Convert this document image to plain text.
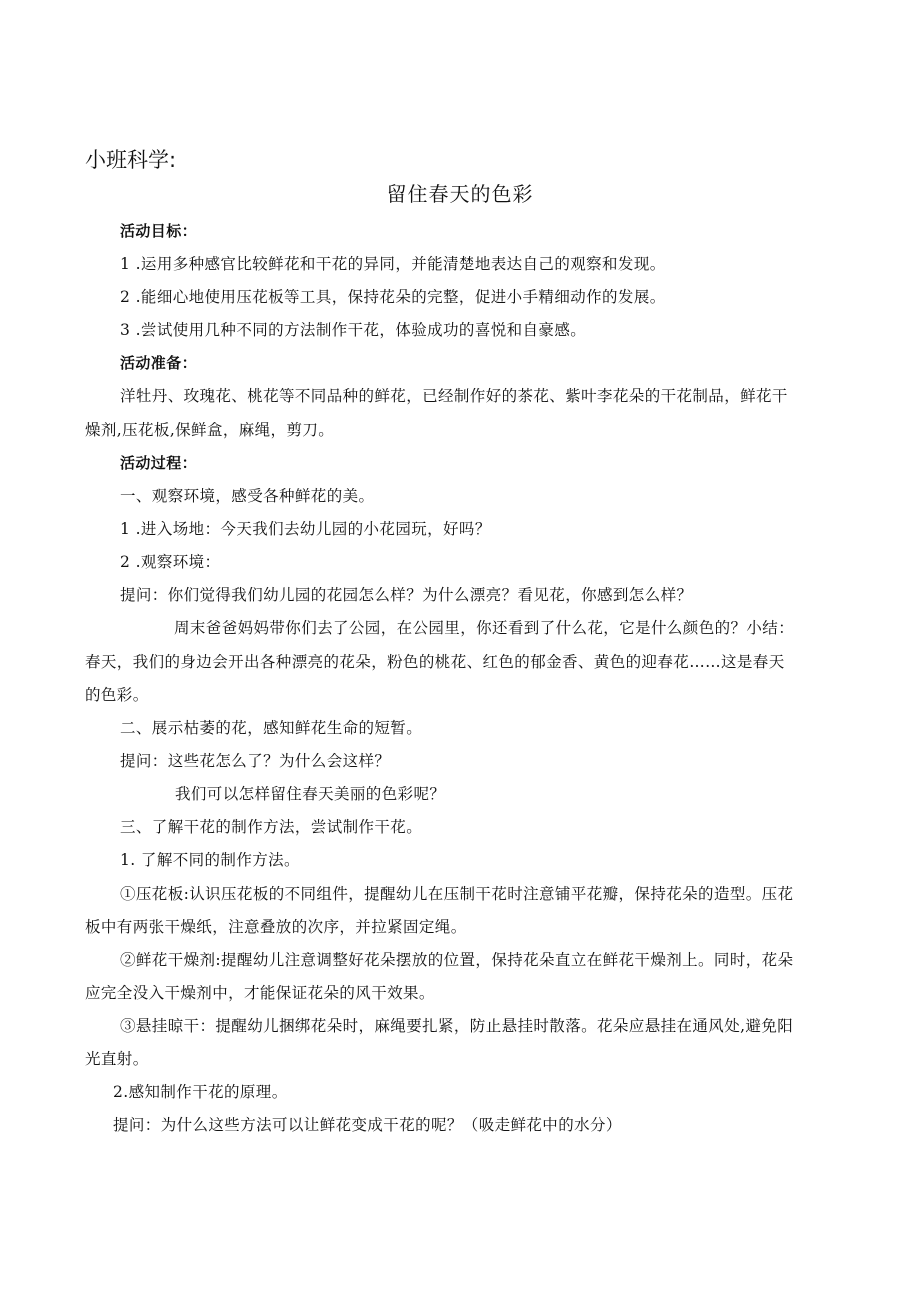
小班科学:
留住春天的色彩
活动目标：
1 .运用多种感官比较鲜花和干花的异同，并能清楚地表达自己的观察和发现。
2 .能细心地使用压花板等工具，保持花朵的完整，促进小手精细动作的发展。
3 .尝试使用几种不同的方法制作干花，体验成功的喜悦和自豪感。
活动准备：
洋牡丹、玫瑰花、桃花等不同品种的鲜花，已经制作好的茶花、紫叶李花朵的干花制品，鲜花干
燥剂,压花板,保鲜盒，麻绳，剪刀。
活动过程：
一、观察环境，感受各种鲜花的美。
1 .进入场地：今天我们去幼儿园的小花园玩，好吗？
2 .观察环境：
提问：你们觉得我们幼儿园的花园怎么样？为什么漂亮？看见花，你感到怎么样？
周末爸爸妈妈带你们去了公园，在公园里，你还看到了什么花，它是什么颜色的？小结：
春天，我们的身边会开出各种漂亮的花朵，粉色的桃花、红色的郁金香、黄色的迎春花……这是春天
的色彩。
二、展示枯萎的花，感知鲜花生命的短暂。
提问：这些花怎么了？为什么会这样？
我们可以怎样留住春天美丽的色彩呢？
三、了解干花的制作方法，尝试制作干花。
1. 了解不同的制作方法。
①压花板:认识压花板的不同组件，提醒幼儿在压制干花时注意铺平花瓣，保持花朵的造型。压花
板中有两张干燥纸，注意叠放的次序，并拉紧固定绳。
②鲜花干燥剂:提醒幼儿注意调整好花朵摆放的位置，保持花朵直立在鲜花干燥剂上。同时，花朵
应完全没入干燥剂中，才能保证花朵的风干效果。
③悬挂晾干：提醒幼儿捆绑花朵时，麻绳要扎紧，防止悬挂时散落。花朵应悬挂在通风处,避免阳
光直射。
2.感知制作干花的原理。
提问：为什么这些方法可以让鲜花变成干花的呢？（吸走鲜花中的水分）
